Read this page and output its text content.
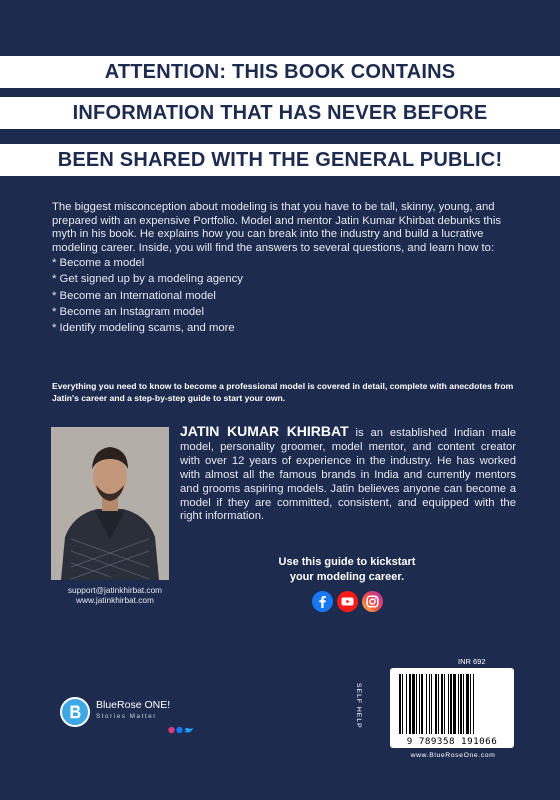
ATTENTION: THIS BOOK CONTAINS
INFORMATION THAT HAS NEVER BEFORE
BEEN SHARED WITH THE GENERAL PUBLIC!

The biggest misconception about modeling is that you have to be tall, skinny, young, and prepared with an expensive Portfolio. Model and mentor Jatin Kumar Khirbat debunks this myth in his book. He explains how you can break into the industry and build a lucrative modeling career. Inside, you will find the answers to several questions, and learn how to:

* Become a model
* Get signed up by a modeling agency
* Become an International model
* Become an Instagram model
* Identify modeling scams, and more
Everything you need to know to become a professional model is covered in detail, complete with anecdotes from Jatin's career and a step-by-step guide to start your own.
support@jatinkhirbat.com
www.jatinkhirbat.com
JATIN KUMAR KHIRBAT is an established Indian male model, personality groomer, model mentor, and content creator with over 12 years of experience in the industry. He has worked with almost all the famous brands in India and currently mentors and grooms aspiring models. Jatin believes anyone can become a model if they are committed, consistent, and equipped with the right information.
Use this guide to kickstart
your modeling career.
BlueRose ONE!
Stories Matter
INR 692
SELF HELP
9 789358 191066
www.BlueRoseOne.com
